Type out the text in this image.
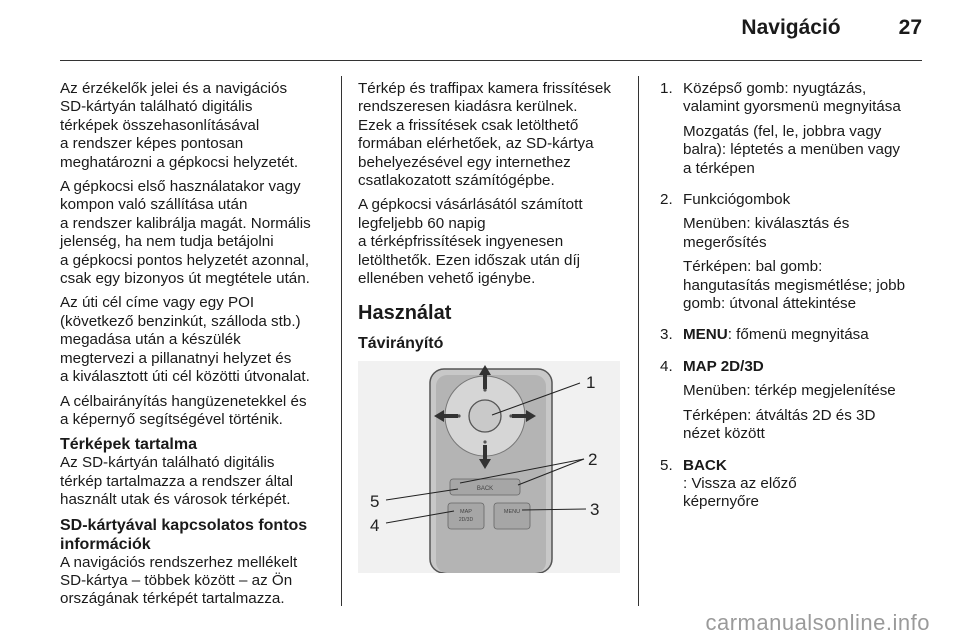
Navigáció	27

Az érzékelők jelei és a navigációs
SD-kártyán található digitális
térképek összehasonlításával
a rendszer képes pontosan
meghatározni a gépkocsi helyzetét.

A gépkocsi első használatakor vagy
kompon való szállítása után
a rendszer kalibrálja magát. Normális
jelenség, ha nem tudja betájolni
a gépkocsi pontos helyzetét azonnal,
csak egy bizonyos út megtétele után.

Az úti cél címe vagy egy POI
(következő benzinkút, szálloda stb.)
megadása után a készülék
megtervezi a pillanatnyi helyzet és
a kiválasztott úti cél közötti útvonalat.

A célbairányítás hangüzenetekkel és
a képernyő segítségével történik.

Térképek tartalma

Az SD-kártyán található digitális
térkép tartalmazza a rendszer által
használt utak és városok térképét.

SD-kártyával kapcsolatos fontos
információk

A navigációs rendszerhez mellékelt
SD-kártya – többek között – az Ön
országának térképét tartalmazza.

Térkép és traffipax kamera frissítések
rendszeresen kiadásra kerülnek.
Ezek a frissítések csak letölthető
formában elérhetőek, az SD-kártya
behelyezésével egy internethez
csatlakozatott számítógépbe.

A gépkocsi vásárlásától számított
legfeljebb 60 napig
a térképfrissítések ingyenesen
letölthetők. Ezen időszak után díj
ellenében vehető igénybe.

Használat
Távirányító
BACK
MAP
2D/3D
MENU
1
2
5
4
3
1. Középső gomb: nyugtázás,
valamint gyorsmenü megnyitása

Mozgatás (fel, le, jobbra vagy
balra): léptetés a menüben vagy
a térképen

2. Funkciógombok

Menüben: kiválasztás és
megerősítés

Térképen: bal gomb:
hangutasítás megismétlése; jobb
gomb: útvonal áttekintése

3. MENU: főmenü megnyitása

4. MAP 2D/3D

Menüben: térkép megjelenítése

Térképen: átváltás 2D és 3D
nézet között

5. BACK
: Vissza az előző
képernyőre

carmanualsonline.info
